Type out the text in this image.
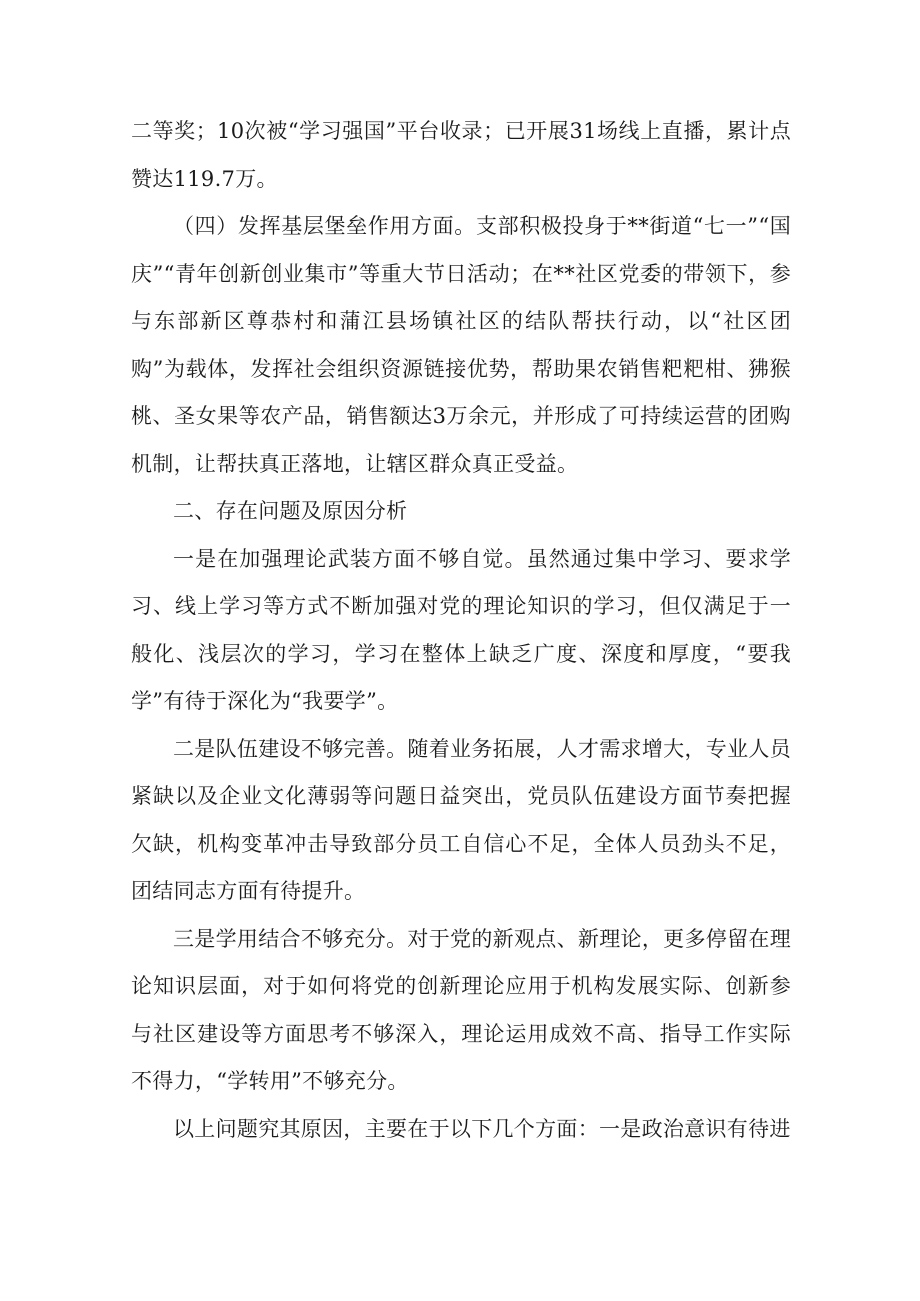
二等奖；10次被“学习强国”平台收录；已开展31场线上直播，累计点赞达119.7万。

（四）发挥基层堡垒作用方面。支部积极投身于**街道“七一”“国庆”“青年创新创业集市”等重大节日活动；在**社区党委的带领下，参与东部新区尊恭村和蒲江县场镇社区的结队帮扶行动，以“社区团购”为载体，发挥社会组织资源链接优势，帮助果农销售粑粑柑、狒猴桃、圣女果等农产品，销售额达3万余元，并形成了可持续运营的团购机制，让帮扶真正落地，让辖区群众真正受益。

二、存在问题及原因分析

一是在加强理论武装方面不够自觉。虽然通过集中学习、要求学习、线上学习等方式不断加强对党的理论知识的学习，但仅满足于一般化、浅层次的学习，学习在整体上缺乏广度、深度和厚度，“要我学”有待于深化为“我要学”。

二是队伍建设不够完善。随着业务拓展，人才需求增大，专业人员紧缺以及企业文化薄弱等问题日益突出，党员队伍建设方面节奏把握欠缺，机构变革冲击导致部分员工自信心不足，全体人员劲头不足，团结同志方面有待提升。

三是学用结合不够充分。对于党的新观点、新理论，更多停留在理论知识层面，对于如何将党的创新理论应用于机构发展实际、创新参与社区建设等方面思考不够深入，理论运用成效不高、指导工作实际不得力，“学转用”不够充分。

以上问题究其原因，主要在于以下几个方面：一是政治意识有待进
